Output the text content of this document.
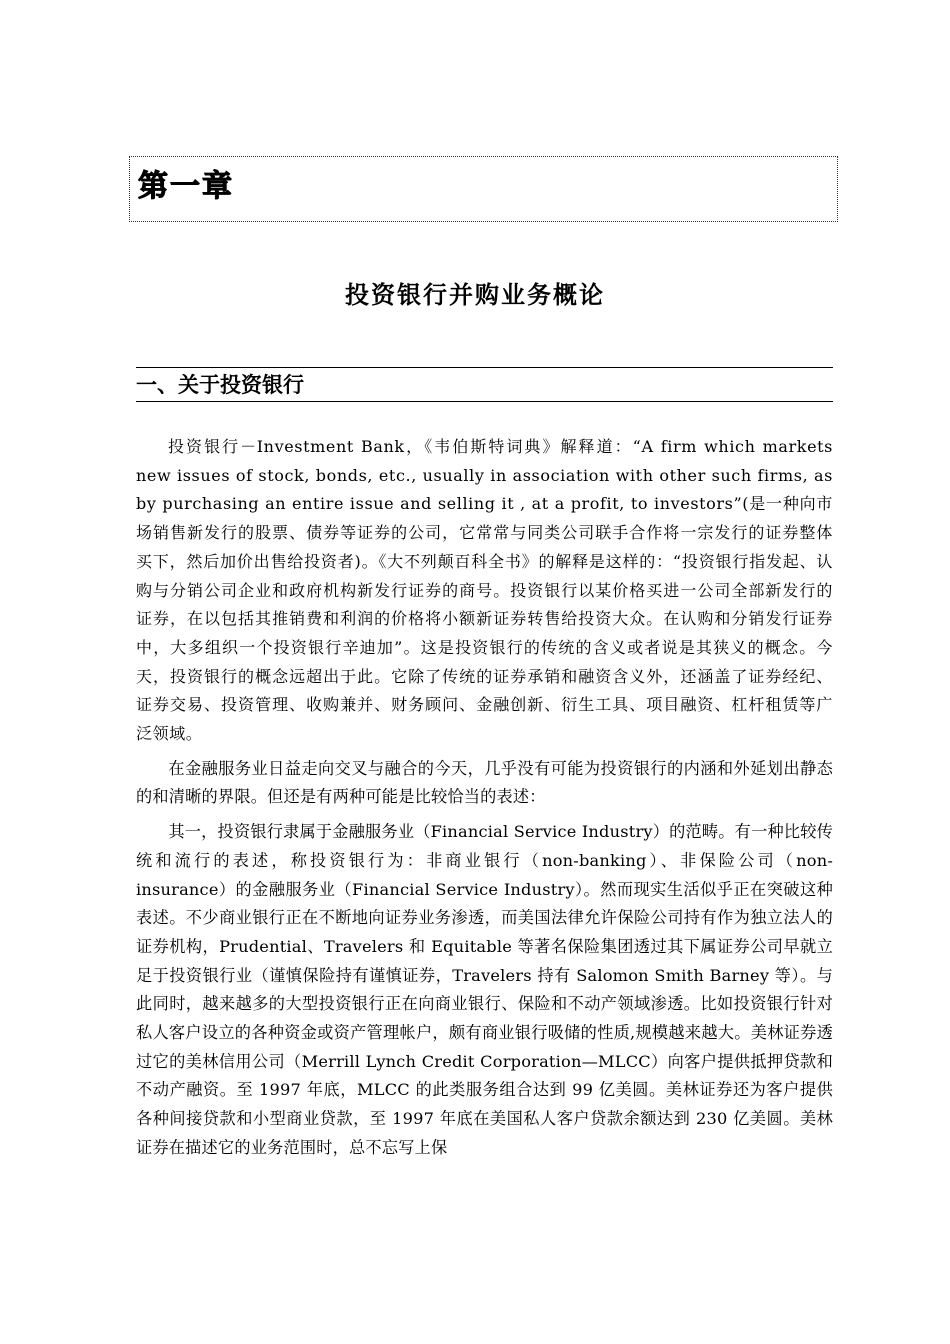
第一章
投资银行并购业务概论
一、关于投资银行

投资银行－Investment Bank，《韦伯斯特词典》解释道：“A firm which markets new issues of stock, bonds, etc., usually in association with other such firms, as by purchasing an entire issue and selling it , at a profit, to investors”(是一种向市场销售新发行的股票、债券等证券的公司，它常常与同类公司联手合作将一宗发行的证券整体买下，然后加价出售给投资者)。《大不列颠百科全书》的解释是这样的：“投资银行指发起、认购与分销公司企业和政府机构新发行证券的商号。投资银行以某价格买进一公司全部新发行的证券，在以包括其推销费和利润的价格将小额新证券转售给投资大众。在认购和分销发行证券中，大多组织一个投资银行辛迪加”。这是投资银行的传统的含义或者说是其狭义的概念。今天，投资银行的概念远超出于此。它除了传统的证券承销和融资含义外，还涵盖了证券经纪、证券交易、投资管理、收购兼并、财务顾问、金融创新、衍生工具、项目融资、杠杆租赁等广泛领域。

在金融服务业日益走向交叉与融合的今天，几乎没有可能为投资银行的内涵和外延划出静态的和清晰的界限。但还是有两种可能是比较恰当的表述：

其一，投资银行隶属于金融服务业（Financial Service Industry）的范畴。有一种比较传统和流行的表述，称投资银行为：非商业银行（non-banking）、非保险公司（non-insurance）的金融服务业（Financial Service Industry）。然而现实生活似乎正在突破这种表述。不少商业银行正在不断地向证券业务渗透，而美国法律允许保险公司持有作为独立法人的证券机构，Prudential、Travelers 和 Equitable 等著名保险集团透过其下属证券公司早就立足于投资银行业（谨慎保险持有谨慎证券，Travelers 持有 Salomon Smith Barney 等）。与此同时，越来越多的大型投资银行正在向商业银行、保险和不动产领域渗透。比如投资银行针对私人客户设立的各种资金或资产管理帐户，颇有商业银行吸储的性质,规模越来越大。美林证券透过它的美林信用公司（Merrill Lynch Credit Corporation—MLCC）向客户提供抵押贷款和不动产融资。至 1997 年底，MLCC 的此类服务组合达到 99 亿美圆。美林证券还为客户提供各种间接贷款和小型商业贷款，至 1997 年底在美国私人客户贷款余额达到 230 亿美圆。美林证券在描述它的业务范围时，总不忘写上保
